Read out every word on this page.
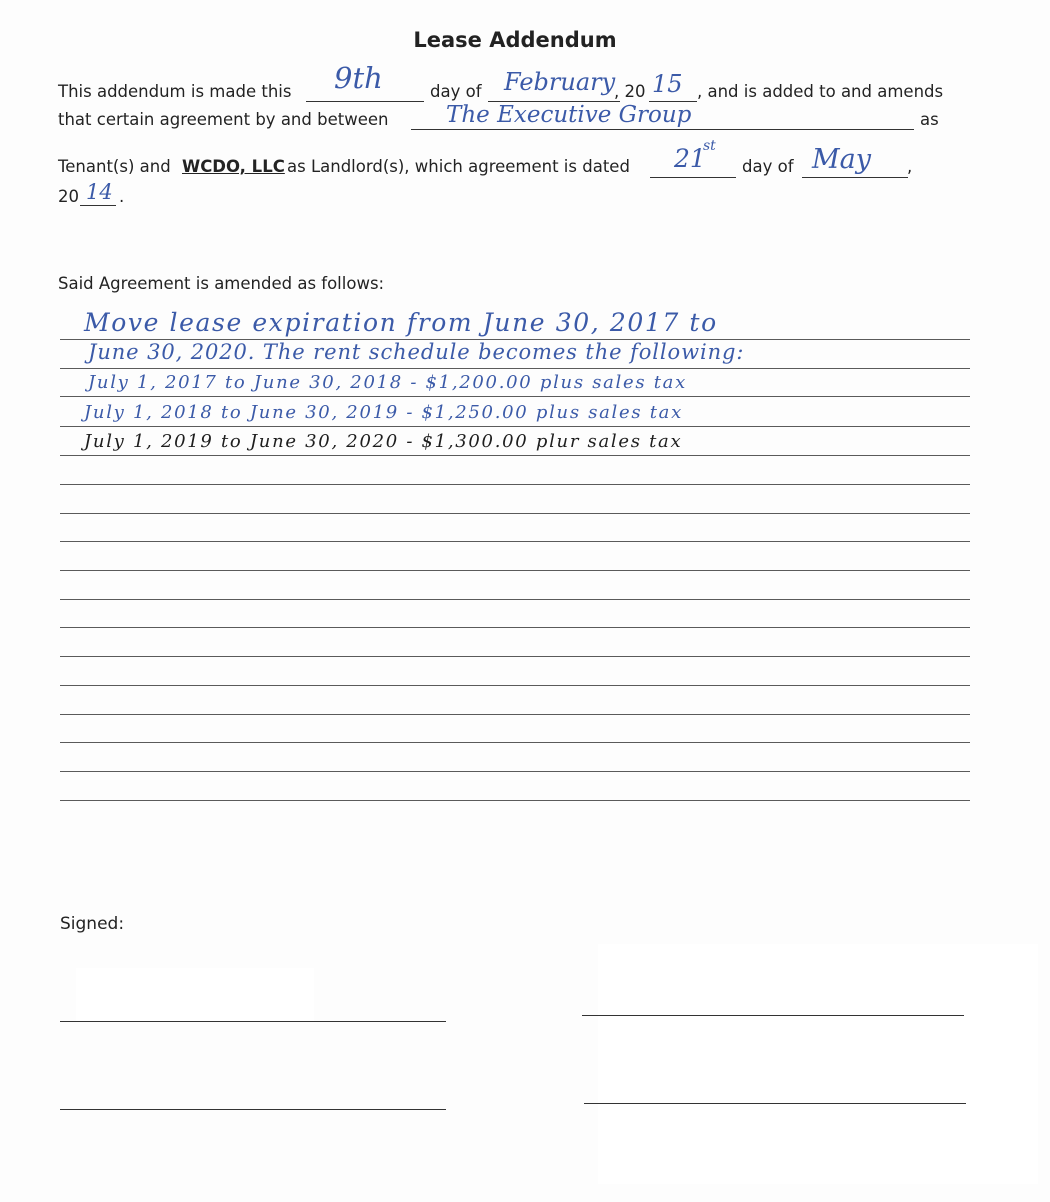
Lease Addendum
This addendum is made this 9th	day of February
, 20 15 , and is added to and amends
that certain agreement by and between	The Executive Group	as
Tenant(s) and WCDO, LLC as Landlord(s), which agreement is dated 21
st
day of May ,
20 14 .
Said Agreement is amended as follows:
Move lease expiration from June 30, 2017 to
June 30, 2020. The rent schedule becomes the following:
July 1, 2017 to June 30, 2018 - $1,200.00 plus sales tax
July 1, 2018 to June 30, 2019 - $1,250.00 plus sales tax
July 1, 2019 to June 30, 2020 - $1,300.00 plur sales tax
Signed:
